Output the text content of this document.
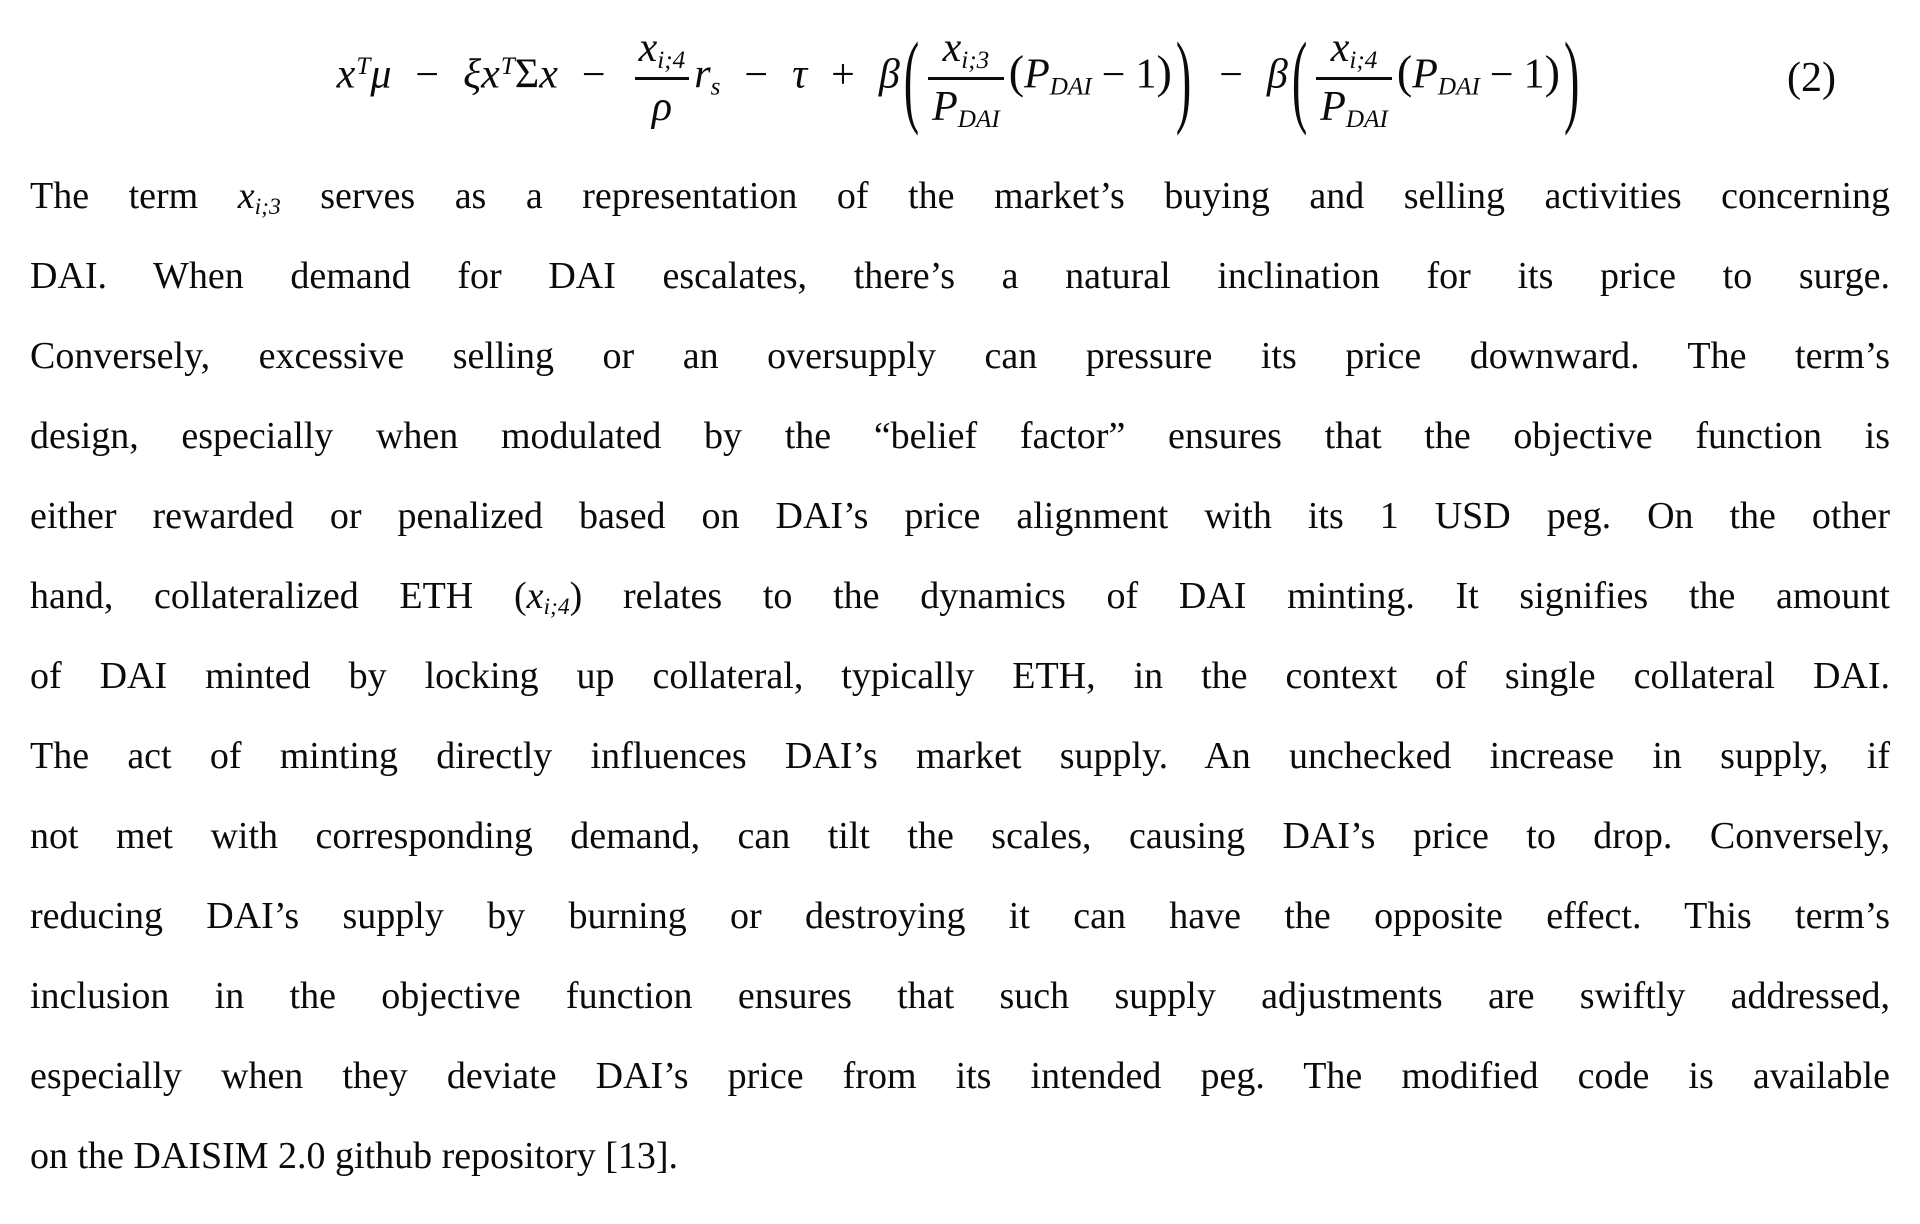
$x^T\mu - \xi x^T\Sigma x - \frac{x_{i;4}}{\rho} r_s - \tau + \beta( \frac{x_{i;3}}{P_{DAI}} (P_{DAI} - 1)) - \beta( \frac{x_{i;4}}{P_{DAI}} (P_{DAI} - 1))$	(2)
The term $x_{i;3}$ serves as a representation of the market’s buying and selling activities concerning
DAI. When demand for DAI escalates, there’s a natural inclination for its price to surge.
Conversely, excessive selling or an oversupply can pressure its price downward. The term’s
design, especially when modulated by the “belief factor” ensures that the objective function is
either rewarded or penalized based on DAI’s price alignment with its 1 USD peg. On the other
hand, collateralized ETH $(x_{i;4})$ relates to the dynamics of DAI minting. It signifies the amount
of DAI minted by locking up collateral, typically ETH, in the context of single collateral DAI.
The act of minting directly influences DAI’s market supply. An unchecked increase in supply, if
not met with corresponding demand, can tilt the scales, causing DAI’s price to drop. Conversely,
reducing DAI’s supply by burning or destroying it can have the opposite effect. This term’s
inclusion in the objective function ensures that such supply adjustments are swiftly addressed,
especially when they deviate DAI’s price from its intended peg. The modified code is available
on the DAISIM 2.0 github repository [13].
